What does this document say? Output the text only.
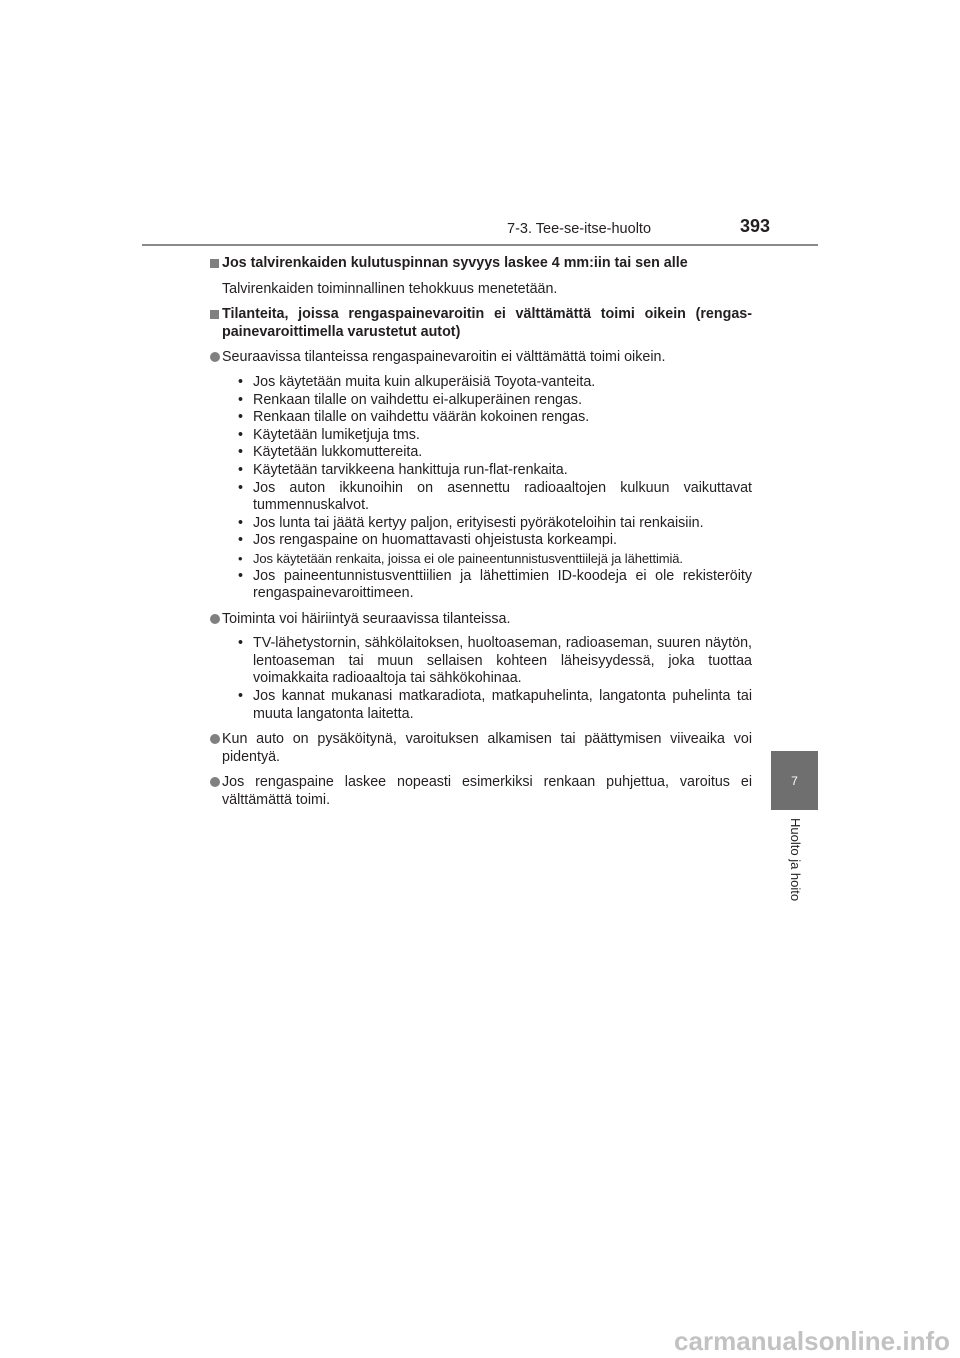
7-3. Tee-se-itse-huolto	393
7
Huolto ja hoito
Jos talvirenkaiden kulutuspinnan syvyys laskee 4 mm:iin tai sen alle
Talvirenkaiden toiminnallinen tehokkuus menetetään.
Tilanteita, joissa rengaspainevaroitin ei välttämättä toimi oikein (rengas-painevaroittimella varustetut autot)
Seuraavissa tilanteissa rengaspainevaroitin ei välttämättä toimi oikein.
• Jos käytetään muita kuin alkuperäisiä Toyota-vanteita.
• Renkaan tilalle on vaihdettu ei-alkuperäinen rengas.
• Renkaan tilalle on vaihdettu väärän kokoinen rengas.
• Käytetään lumiketjuja tms.
• Käytetään lukkomuttereita.
• Käytetään tarvikkeena hankittuja run-flat-renkaita.
• Jos auton ikkunoihin on asennettu radioaaltojen kulkuun vaikuttavat tummennuskalvot.
• Jos lunta tai jäätä kertyy paljon, erityisesti pyöräkoteloihin tai renkaisiin.
• Jos rengaspaine on huomattavasti ohjeistusta korkeampi.
• Jos käytetään renkaita, joissa ei ole paineentunnistusventtiilejä ja lähettimiä.
• Jos paineentunnistusventtiilien ja lähettimien ID-koodeja ei ole rekisteröity rengaspainevaroittimeen.
Toiminta voi häiriintyä seuraavissa tilanteissa.
• TV-lähetystornin, sähkölaitoksen, huoltoaseman, radioaseman, suuren näytön, lentoaseman tai muun sellaisen kohteen läheisyydessä, joka tuottaa voimakkaita radioaaltoja tai sähkökohinaa.
• Jos kannat mukanasi matkaradiota, matkapuhelinta, langatonta puhelinta tai muuta langatonta laitetta.
Kun auto on pysäköitynä, varoituksen alkamisen tai päättymisen viiveaika voi pidentyä.
Jos rengaspaine laskee nopeasti esimerkiksi renkaan puhjettua, varoitus ei välttämättä toimi.
carmanualsonline.info
